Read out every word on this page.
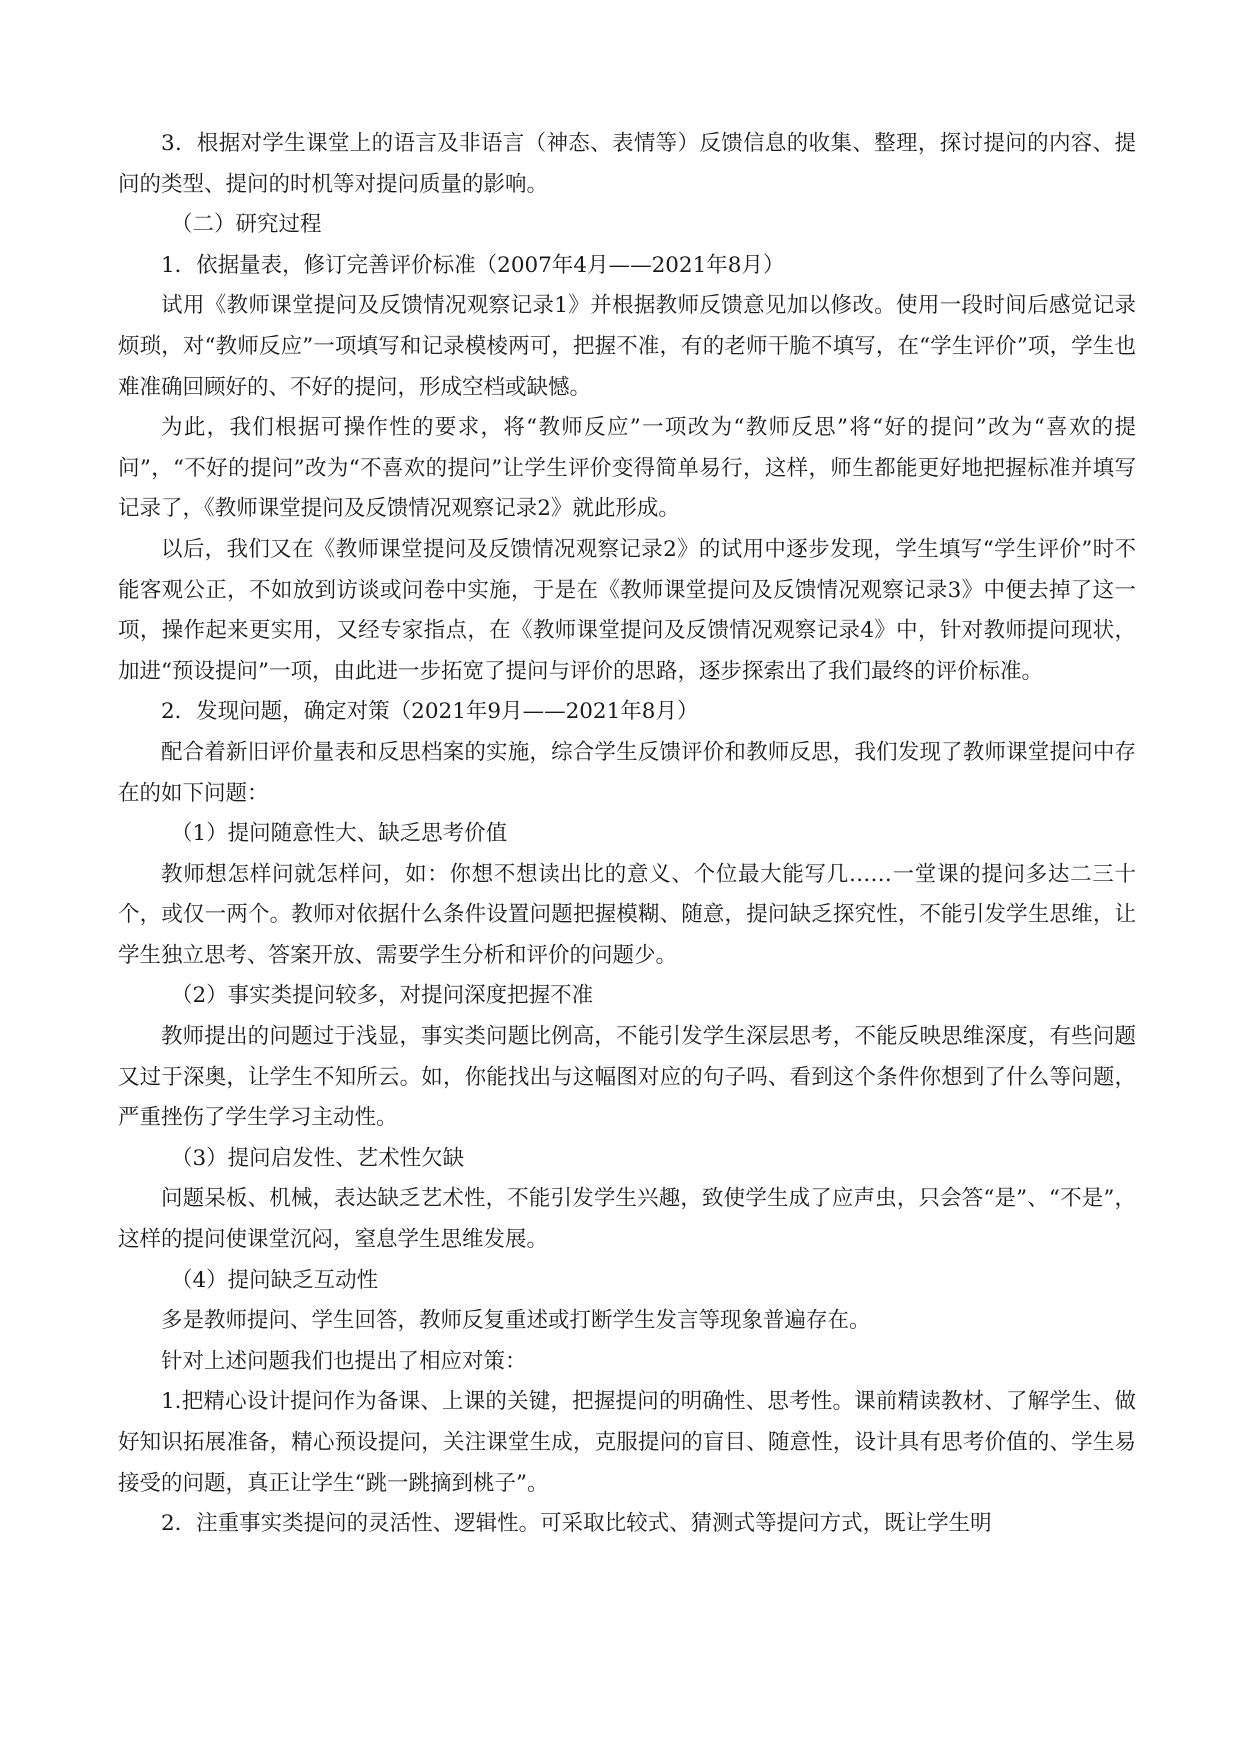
3．根据对学生课堂上的语言及非语言（神态、表情等）反馈信息的收集、整理，探讨提问的内容、提问的类型、提问的时机等对提问质量的影响。

（二）研究过程

1．依据量表，修订完善评价标准（2007年4月——2021年8月）

试用《教师课堂提问及反馈情况观察记录1》并根据教师反馈意见加以修改。使用一段时间后感觉记录烦琐，对“教师反应”一项填写和记录模棱两可，把握不准，有的老师干脆不填写，在“学生评价”项，学生也难准确回顾好的、不好的提问，形成空档或缺憾。

为此，我们根据可操作性的要求，将“教师反应”一项改为“教师反思”将“好的提问”改为“喜欢的提问”，“不好的提问”改为“不喜欢的提问”让学生评价变得简单易行，这样，师生都能更好地把握标准并填写记录了，《教师课堂提问及反馈情况观察记录2》就此形成。

以后，我们又在《教师课堂提问及反馈情况观察记录2》的试用中逐步发现，学生填写“学生评价”时不能客观公正，不如放到访谈或问卷中实施，于是在《教师课堂提问及反馈情况观察记录3》中便去掉了这一项，操作起来更实用，又经专家指点，在《教师课堂提问及反馈情况观察记录4》中，针对教师提问现状，加进“预设提问”一项，由此进一步拓宽了提问与评价的思路，逐步探索出了我们最终的评价标准。

2．发现问题，确定对策（2021年9月——2021年8月）

配合着新旧评价量表和反思档案的实施，综合学生反馈评价和教师反思，我们发现了教师课堂提问中存在的如下问题：

（1）提问随意性大、缺乏思考价值

教师想怎样问就怎样问，如：你想不想读出比的意义、个位最大能写几……一堂课的提问多达二三十个，或仅一两个。教师对依据什么条件设置问题把握模糊、随意，提问缺乏探究性，不能引发学生思维，让学生独立思考、答案开放、需要学生分析和评价的问题少。

（2）事实类提问较多，对提问深度把握不准

教师提出的问题过于浅显，事实类问题比例高，不能引发学生深层思考，不能反映思维深度，有些问题又过于深奥，让学生不知所云。如，你能找出与这幅图对应的句子吗、看到这个条件你想到了什么等问题，严重挫伤了学生学习主动性。

（3）提问启发性、艺术性欠缺

问题呆板、机械，表达缺乏艺术性，不能引发学生兴趣，致使学生成了应声虫，只会答“是”、“不是”，这样的提问使课堂沉闷，窒息学生思维发展。

（4）提问缺乏互动性

多是教师提问、学生回答，教师反复重述或打断学生发言等现象普遍存在。

针对上述问题我们也提出了相应对策：

1.把精心设计提问作为备课、上课的关键，把握提问的明确性、思考性。课前精读教材、了解学生、做好知识拓展准备，精心预设提问，关注课堂生成，克服提问的盲目、随意性，设计具有思考价值的、学生易接受的问题，真正让学生“跳一跳摘到桃子”。

2．注重事实类提问的灵活性、逻辑性。可采取比较式、猜测式等提问方式，既让学生明
